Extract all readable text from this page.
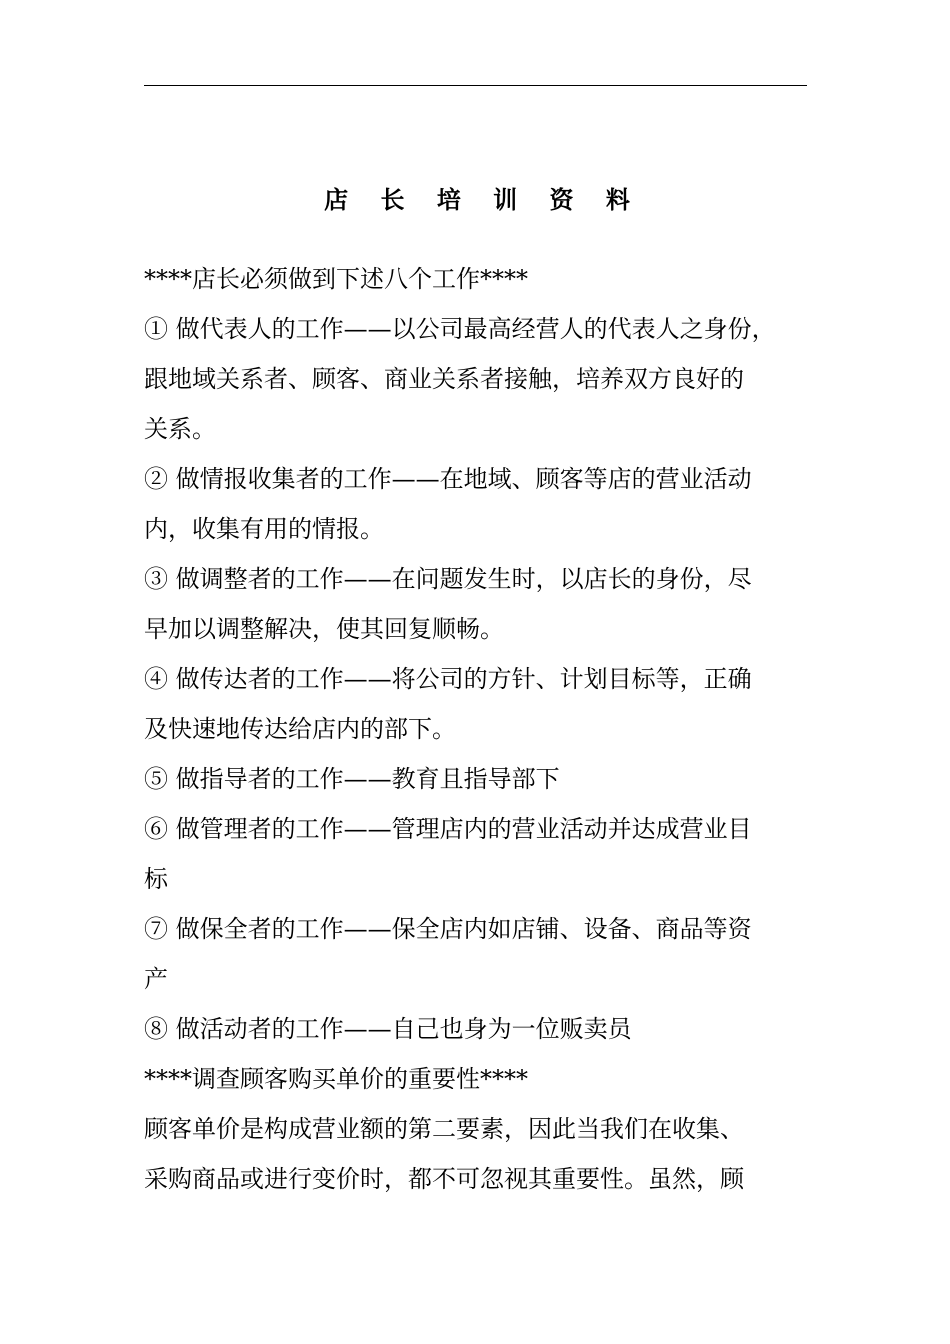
店 长 培 训 资 料
****店长必须做到下述八个工作****
① 做代表人的工作——以公司最高经营人的代表人之身份，
跟地域关系者、顾客、商业关系者接触，培养双方良好的
关系。
② 做情报收集者的工作——在地域、顾客等店的营业活动
内，收集有用的情报。
③ 做调整者的工作——在问题发生时，以店长的身份，尽
早加以调整解决，使其回复顺畅。
④ 做传达者的工作——将公司的方针、计划目标等，正确
及快速地传达给店内的部下。
⑤ 做指导者的工作——教育且指导部下
⑥ 做管理者的工作——管理店内的营业活动并达成营业目
标
⑦ 做保全者的工作——保全店内如店铺、设备、商品等资
产
⑧ 做活动者的工作——自己也身为一位贩卖员
****调查顾客购买单价的重要性****
顾客单价是构成营业额的第二要素，因此当我们在收集、
采购商品或进行变价时，都不可忽视其重要性。虽然，顾
